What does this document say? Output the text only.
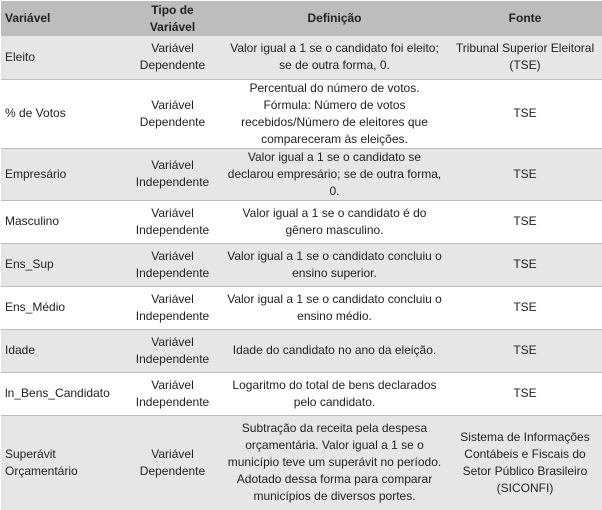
Variável	Tipo de Variável	Definição	Fonte
Eleito	Variável Dependente	Valor igual a 1 se o candidato foi eleito; se de outra forma, 0.	Tribunal Superior Eleitoral (TSE)
% de Votos	Variável Dependente	Percentual do número de votos. Fórmula: Número de votos recebidos/Número de eleitores que compareceram às eleições.	TSE
Empresário	Variável Independente	Valor igual a 1 se o candidato se declarou empresário; se de outra forma, 0.	TSE
Masculino	Variável Independente	Valor igual a 1 se o candidato é do gênero masculino.	TSE
Ens_Sup	Variável Independente	Valor igual a 1 se o candidato concluiu o ensino superior.	TSE
Ens_Médio	Variável Independente	Valor igual a 1 se o candidato concluiu o ensino médio.	TSE
Idade	Variável Independente	Idade do candidato no ano da eleição.	TSE
ln_Bens_Candidato	Variável Independente	Logaritmo do total de bens declarados pelo candidato.	TSE
Superávit Orçamentário	Variável Dependente	Subtração da receita pela despesa orçamentária. Valor igual a 1 se o município teve um superávit no período. Adotado dessa forma para comparar municípios de diversos portes.	Sistema de Informações Contábeis e Fiscais do Setor Público Brasileiro (SICONFI)
